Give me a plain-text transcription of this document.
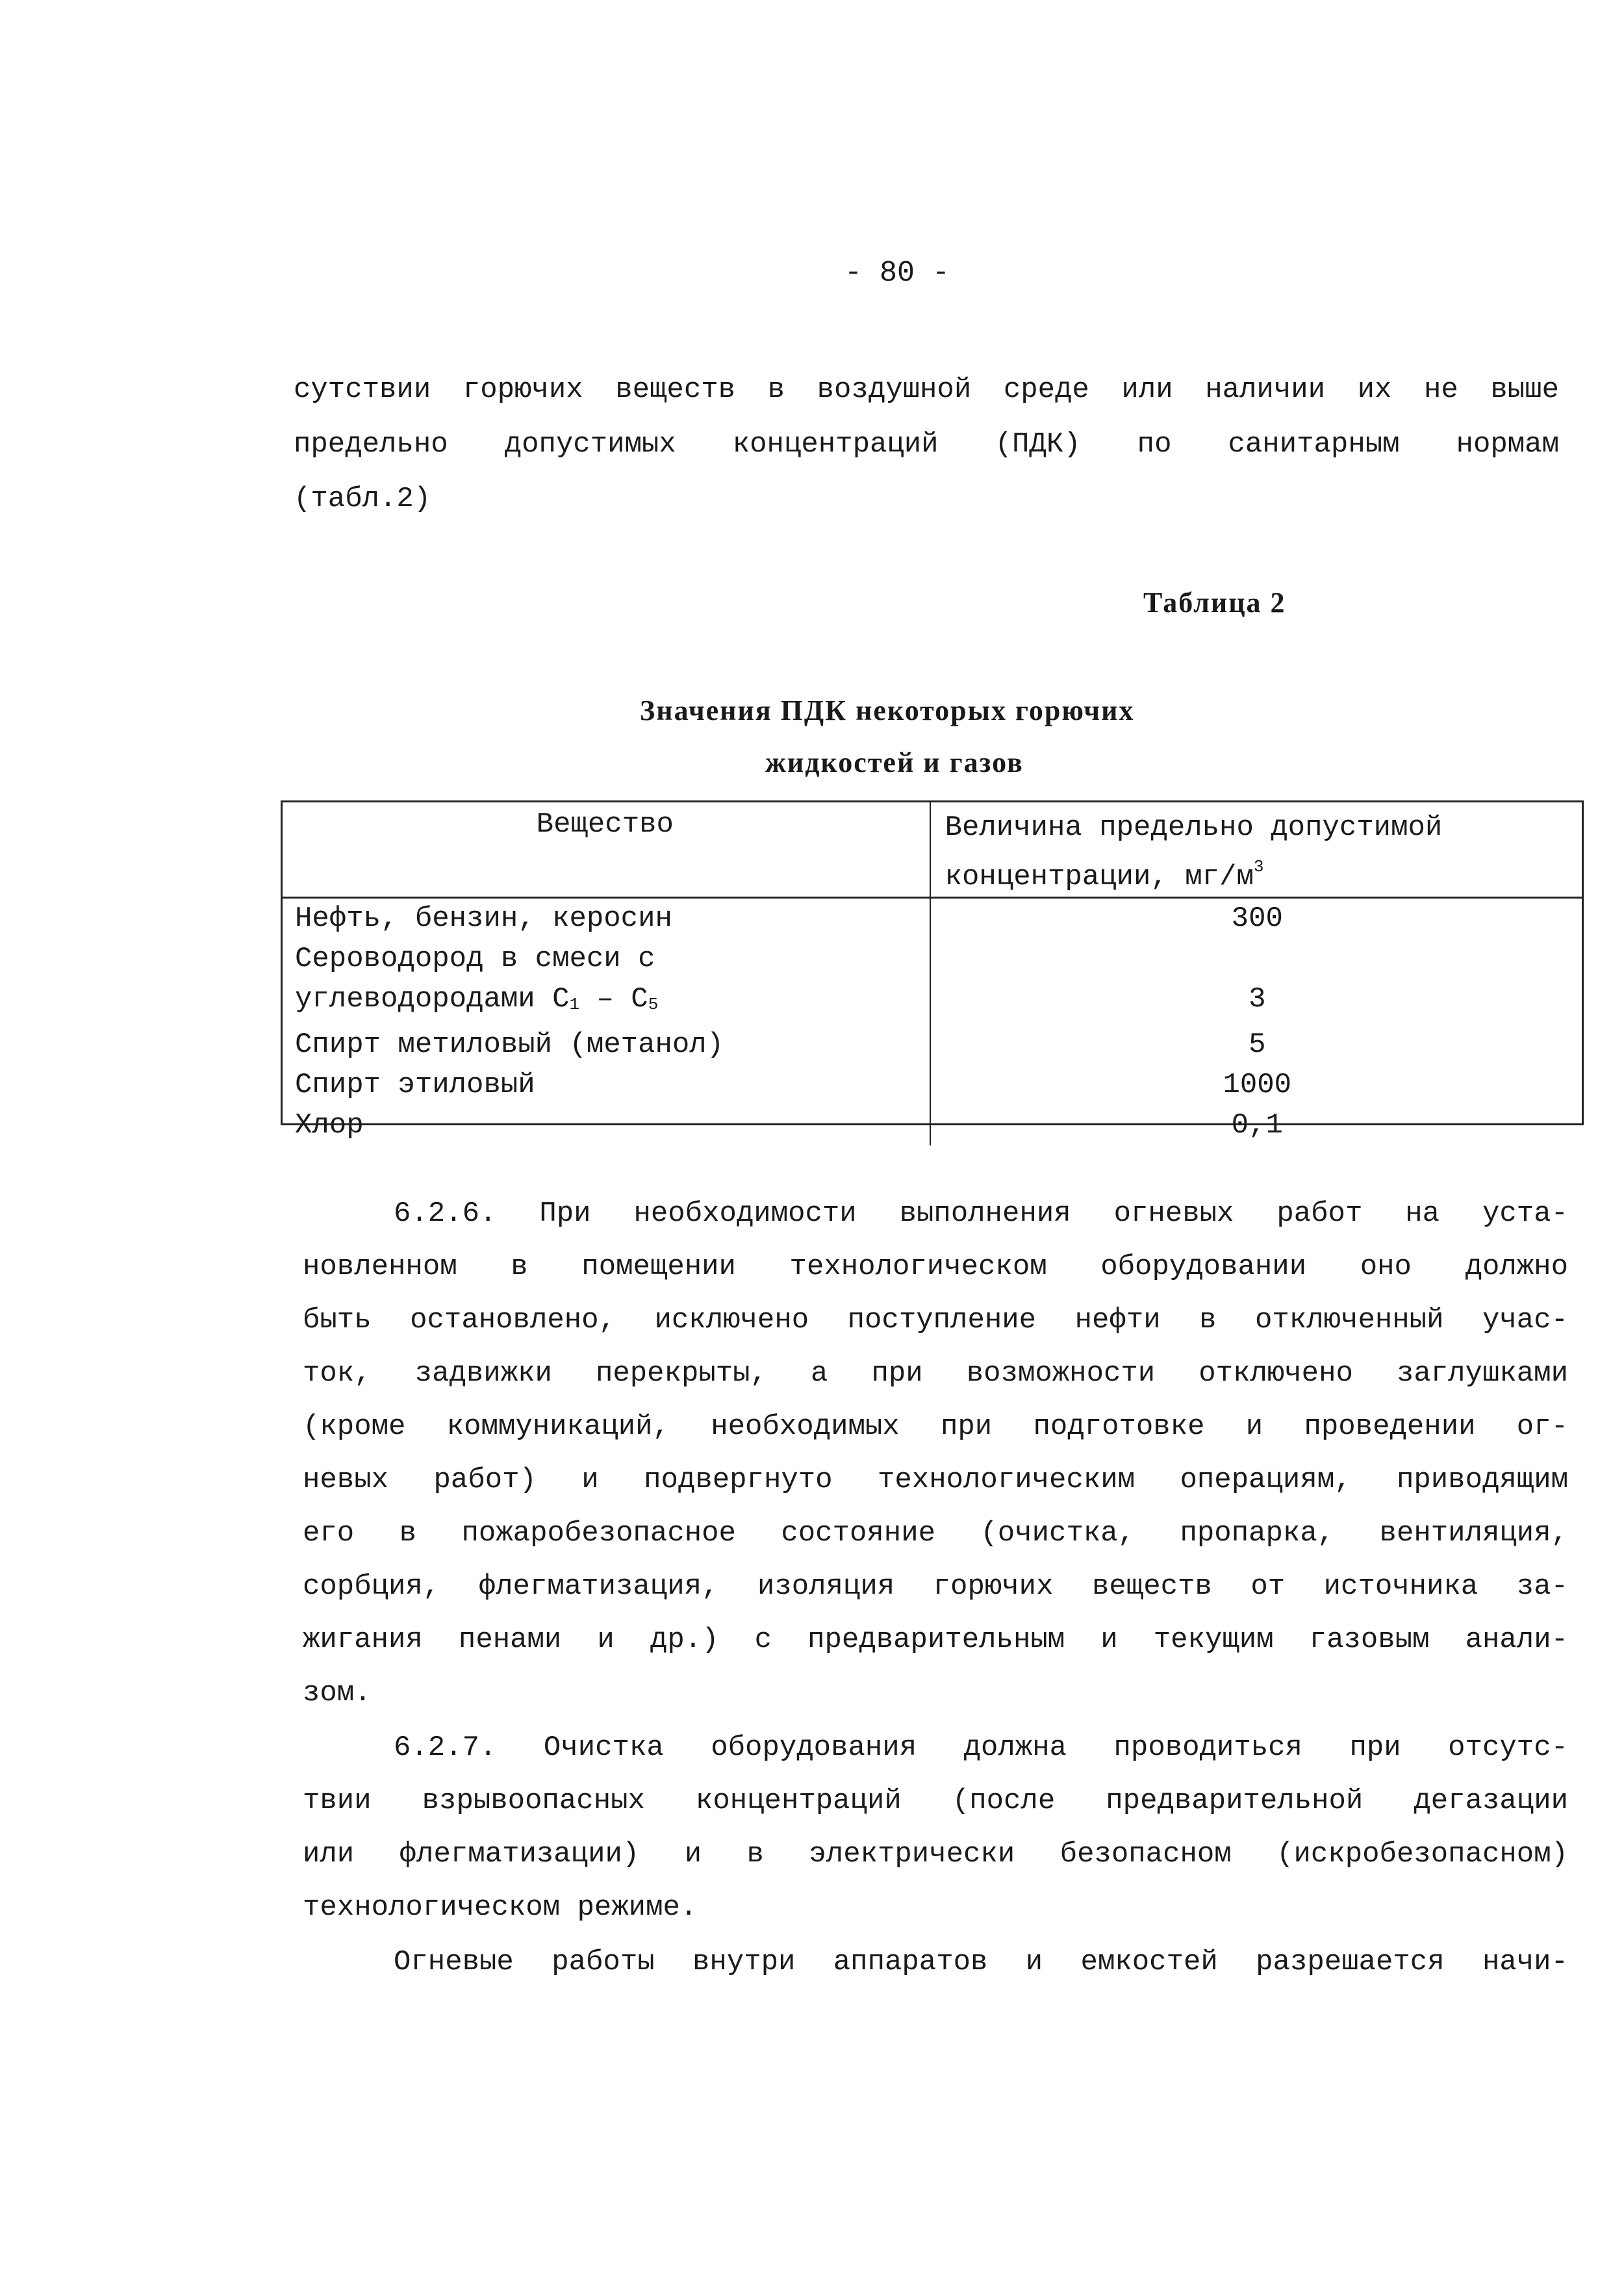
- 80 -
сутствии горючих веществ в воздушной среде или наличии их не выше
предельно допустимых концентраций (ПДК) по санитарным нормам
(табл.2)
Таблица 2
Значения ПДК некоторых горючих
жидкостей и газов
Вещество	Величина предельно допустимой
концентрации, $мг/м^3$
Нефть, бензин, керосин	300
Сероводород в смеси с	
углеводородами $C_1 - C_5$	3
Спирт метиловый (метанол)	5
Спирт этиловый	1000
Хлор	0,1
6.2.6. При необходимости выполнения огневых работ на уста-
новленном в помещении технологическом оборудовании оно должно
быть остановлено, исключено поступление нефти в отключенный учас-
ток, задвижки перекрыты, а при возможности отключено заглушками
(кроме коммуникаций, необходимых при подготовке и проведении ог-
невых работ) и подвергнуто технологическим операциям, приводящим
его в пожаробезопасное состояние (очистка, пропарка, вентиляция,
сорбция, флегматизация, изоляция горючих веществ от источника за-
жигания пенами и др.) с предварительным и текущим газовым анали-
зом.
6.2.7. Очистка оборудования должна проводиться при отсутс-
твии взрывоопасных концентраций (после предварительной дегазации
или флегматизации) и в электрически безопасном (искробезопасном)
технологическом режиме.
Огневые работы внутри аппаратов и емкостей разрешается начи-
